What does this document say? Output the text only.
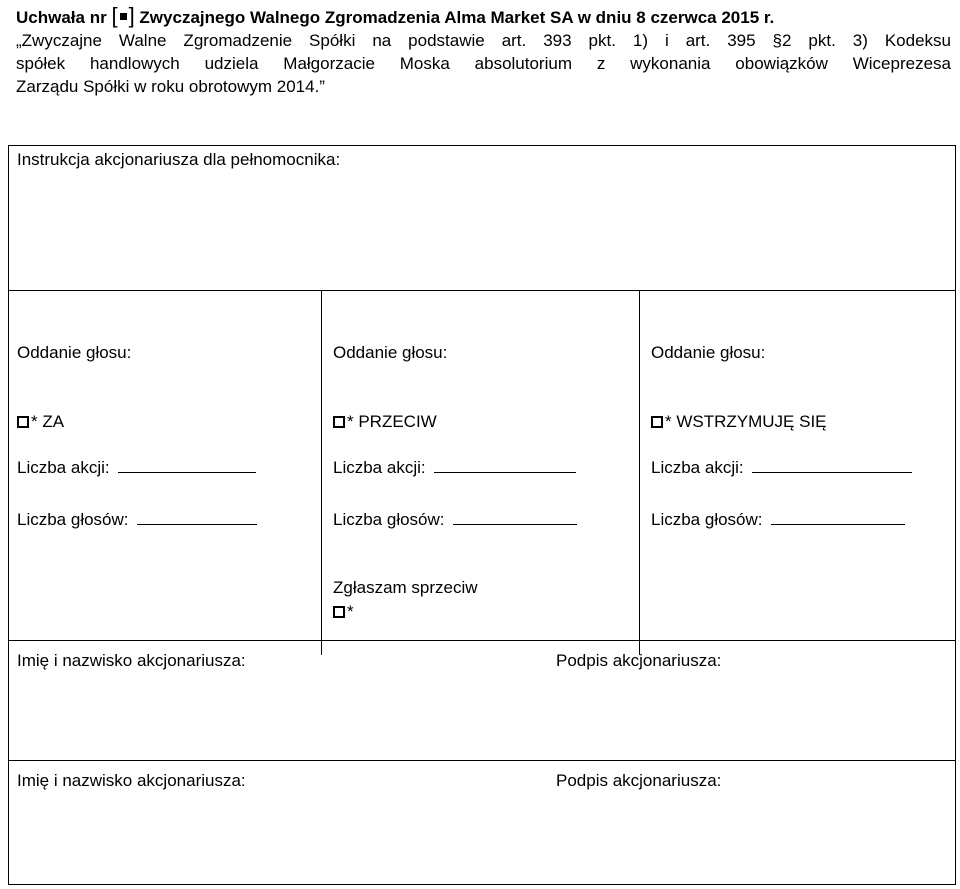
Uchwała nr [ ] Zwyczajnego Walnego Zgromadzenia Alma Market SA w dniu 8 czerwca 2015 r.
„Zwyczajne Walne Zgromadzenie Spółki na podstawie art. 393 pkt. 1) i art. 395 §2 pkt. 3) Kodeksu
spółek handlowych udziela Małgorzacie Moska absolutorium z wykonania obowiązków Wiceprezesa
Zarządu Spółki w roku obrotowym 2014.”
Instrukcja akcjonariusza dla pełnomocnika:
Oddanie głosu:
* ZA
Liczba akcji:
Liczba głosów:
Oddanie głosu:
* PRZECIW
Liczba akcji:
Liczba głosów:
Oddanie głosu:
* WSTRZYMUJĘ SIĘ
Liczba akcji:
Liczba głosów:
Zgłaszam sprzeciw
*
Imię i nazwisko akcjonariusza:	Podpis akcjonariusza:
Imię i nazwisko akcjonariusza:	Podpis akcjonariusza:
